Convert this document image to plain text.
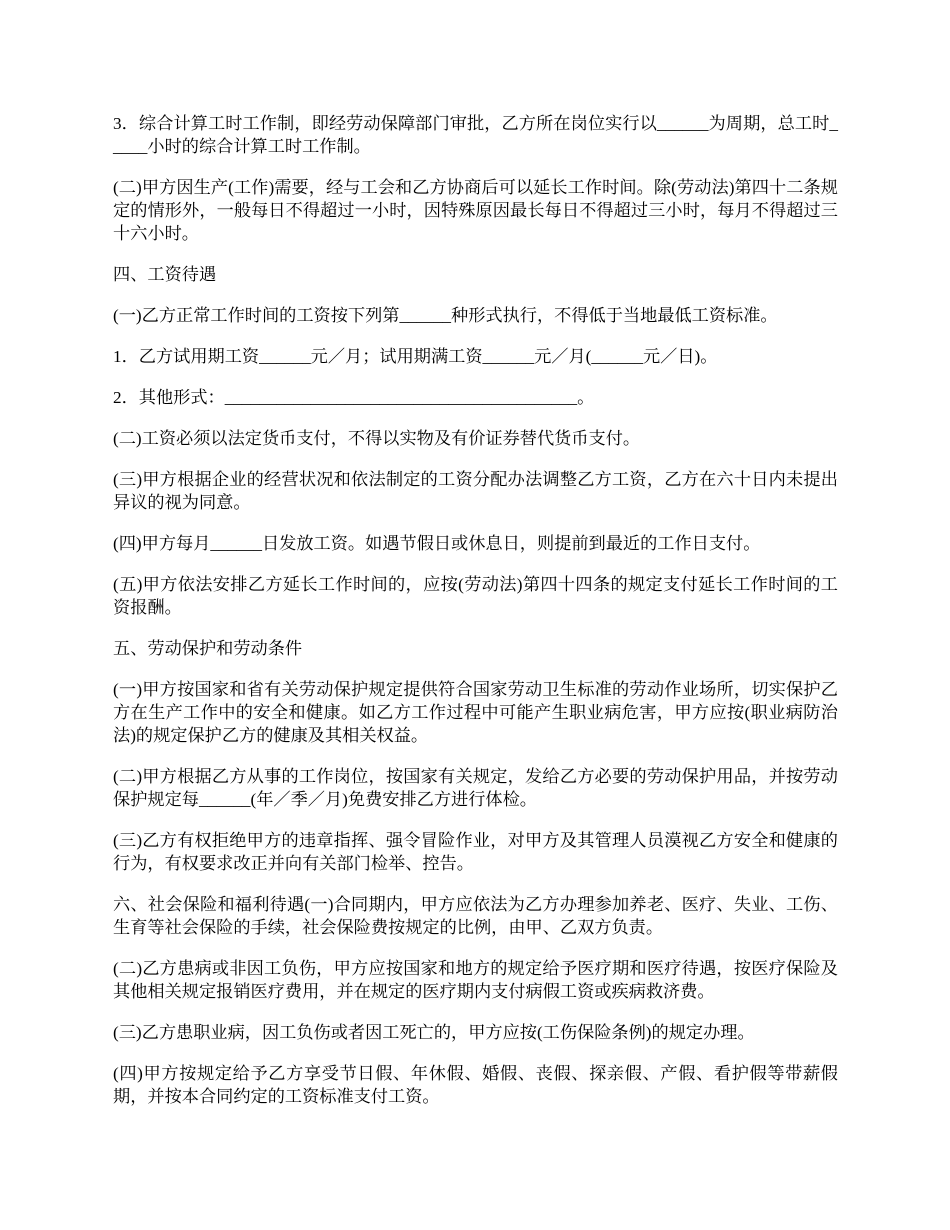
3．综合计算工时工作制，即经劳动保障部门审批，乙方所在岗位实行以______为周期，总工时_____小时的综合计算工时工作制。

(二)甲方因生产(工作)需要，经与工会和乙方协商后可以延长工作时间。除(劳动法)第四十二条规定的情形外，一般每日不得超过一小时，因特殊原因最长每日不得超过三小时，每月不得超过三十六小时。

四、工资待遇

(一)乙方正常工作时间的工资按下列第______种形式执行，不得低于当地最低工资标准。

1．乙方试用期工资______元／月；试用期满工资______元／月(______元／日)。

2．其他形式：_________________________________________。

(二)工资必须以法定货币支付，不得以实物及有价证券替代货币支付。

(三)甲方根据企业的经营状况和依法制定的工资分配办法调整乙方工资，乙方在六十日内未提出异议的视为同意。

(四)甲方每月______日发放工资。如遇节假日或休息日，则提前到最近的工作日支付。

(五)甲方依法安排乙方延长工作时间的，应按(劳动法)第四十四条的规定支付延长工作时间的工资报酬。

五、劳动保护和劳动条件

(一)甲方按国家和省有关劳动保护规定提供符合国家劳动卫生标准的劳动作业场所，切实保护乙方在生产工作中的安全和健康。如乙方工作过程中可能产生职业病危害，甲方应按(职业病防治法)的规定保护乙方的健康及其相关权益。

(二)甲方根据乙方从事的工作岗位，按国家有关规定，发给乙方必要的劳动保护用品，并按劳动保护规定每______(年／季／月)免费安排乙方进行体检。

(三)乙方有权拒绝甲方的违章指挥、强令冒险作业，对甲方及其管理人员漠视乙方安全和健康的行为，有权要求改正并向有关部门检举、控告。

六、社会保险和福利待遇(一)合同期内，甲方应依法为乙方办理参加养老、医疗、失业、工伤、生育等社会保险的手续，社会保险费按规定的比例，由甲、乙双方负责。

(二)乙方患病或非因工负伤，甲方应按国家和地方的规定给予医疗期和医疗待遇，按医疗保险及其他相关规定报销医疗费用，并在规定的医疗期内支付病假工资或疾病救济费。

(三)乙方患职业病，因工负伤或者因工死亡的，甲方应按(工伤保险条例)的规定办理。

(四)甲方按规定给予乙方享受节日假、年休假、婚假、丧假、探亲假、产假、看护假等带薪假期，并按本合同约定的工资标准支付工资。
